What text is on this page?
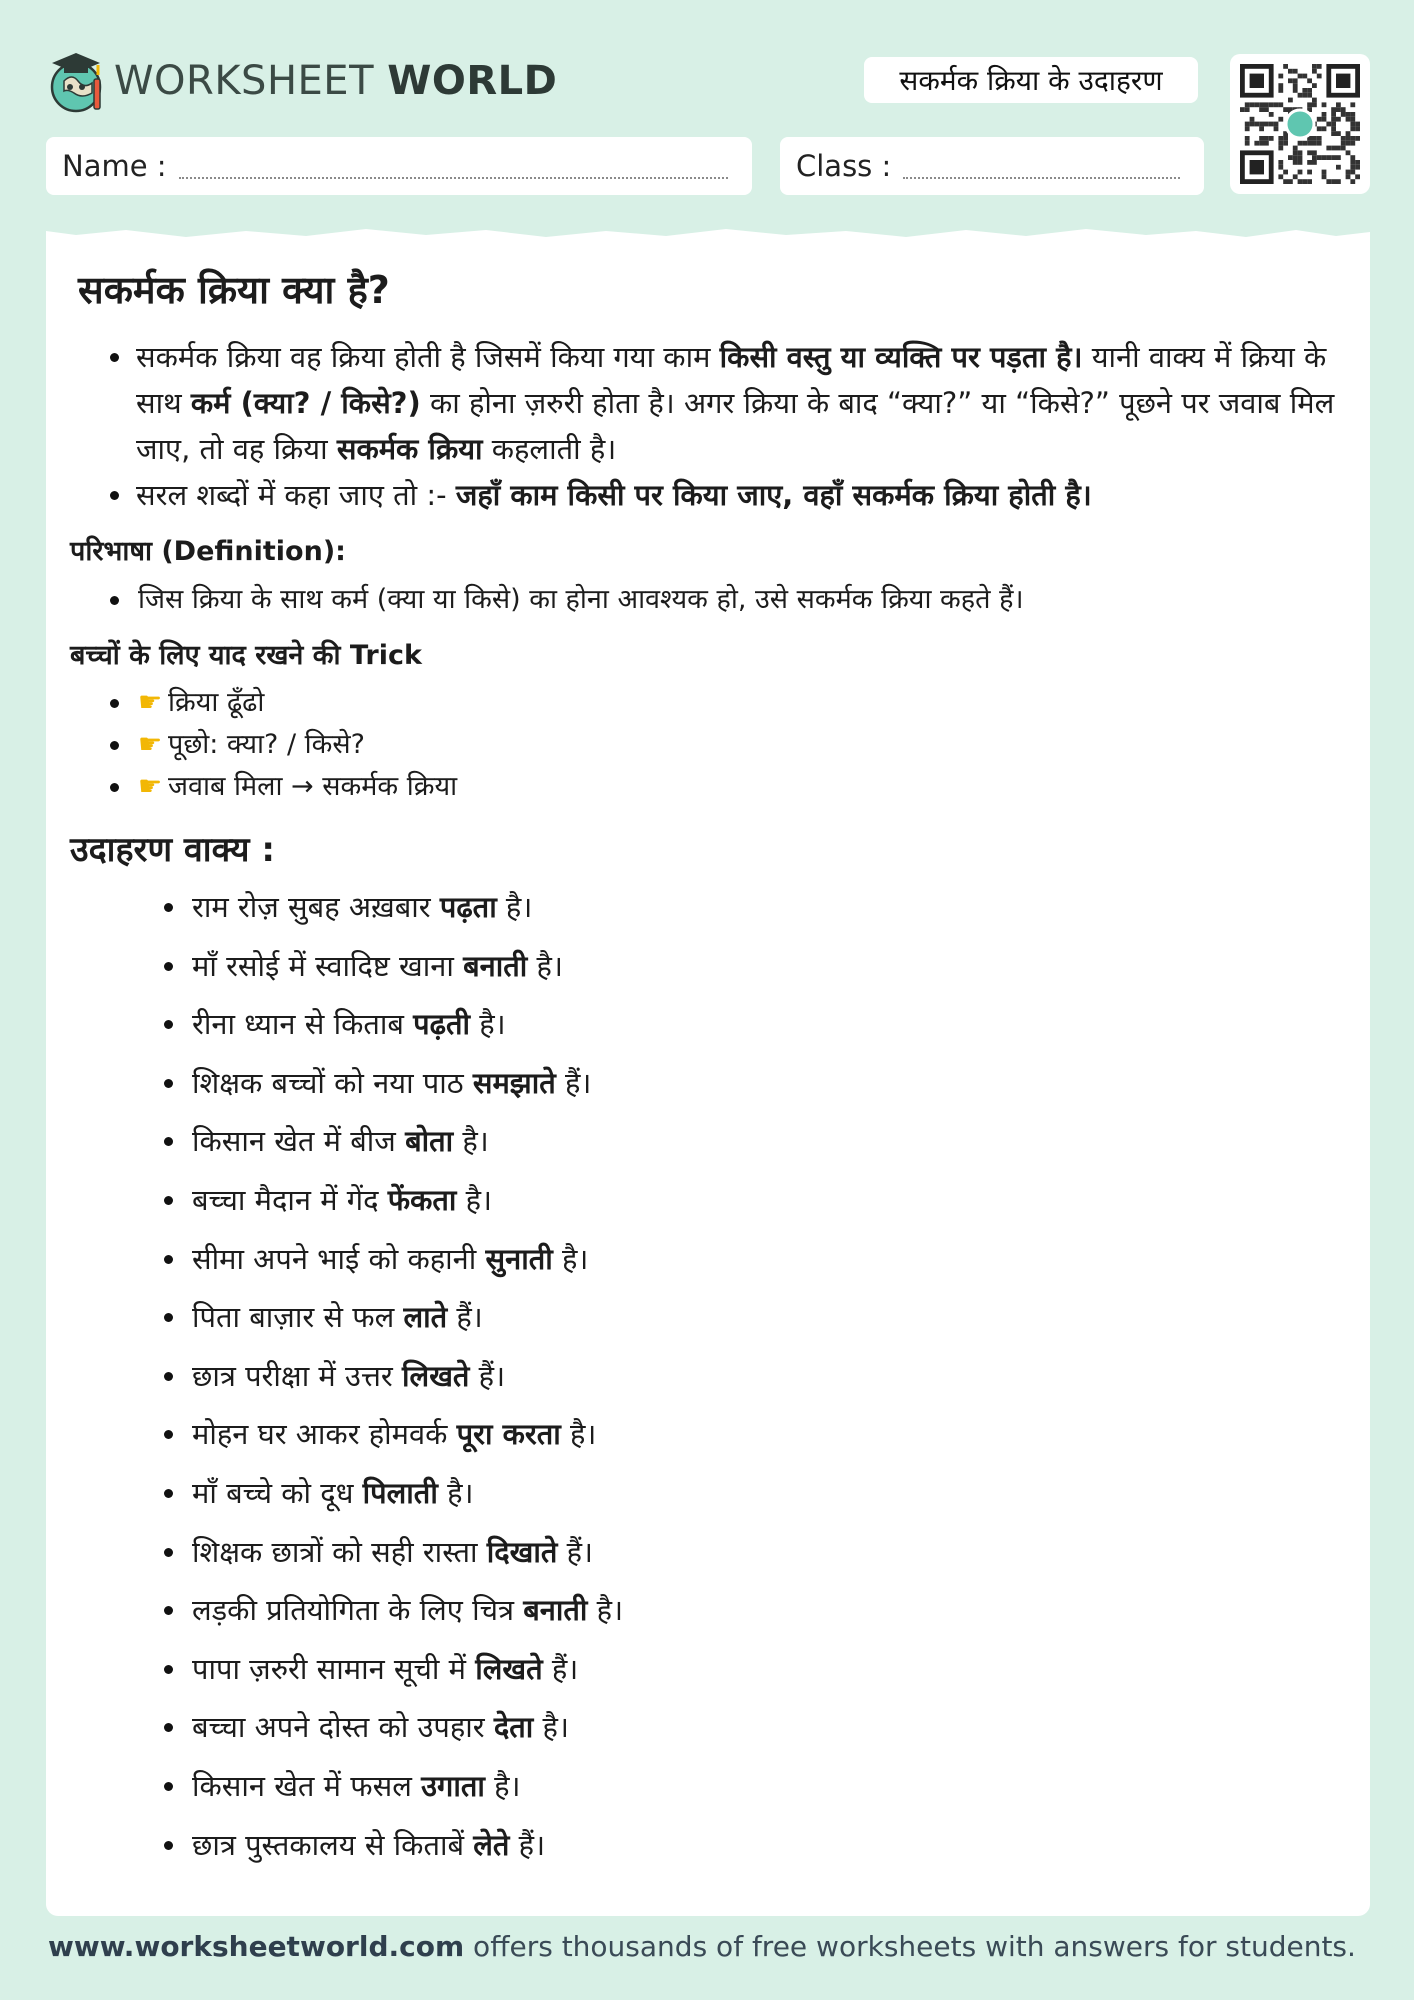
WORKSHEET WORLD	सकर्मक क्रिया के उदाहरण
Name :	Class :
सकर्मक क्रिया क्या है?
सकर्मक क्रिया वह क्रिया होती है जिसमें किया गया काम किसी वस्तु या व्यक्ति पर पड़ता है। यानी वाक्य में क्रिया के साथ कर्म (क्या? / किसे?) का होना ज़रुरी होता है। अगर क्रिया के बाद “क्या?” या “किसे?” पूछने पर जवाब मिल जाए, तो वह क्रिया सकर्मक क्रिया कहलाती है।
सरल शब्दों में कहा जाए तो :- जहाँ काम किसी पर किया जाए, वहाँ सकर्मक क्रिया होती है।
परिभाषा (Definition):
जिस क्रिया के साथ कर्म (क्या या किसे) का होना आवश्यक हो, उसे सकर्मक क्रिया कहते हैं।
बच्चों के लिए याद रखने की Trick
☛ क्रिया ढूँढो
☛ पूछो: क्या? / किसे?
☛ जवाब मिला → सकर्मक क्रिया
उदाहरण वाक्य :
राम रोज़ सुबह अख़बार पढ़ता है।
माँ रसोई में स्वादिष्ट खाना बनाती है।
रीना ध्यान से किताब पढ़ती है।
शिक्षक बच्चों को नया पाठ समझाते हैं।
किसान खेत में बीज बोता है।
बच्चा मैदान में गेंद फेंकता है।
सीमा अपने भाई को कहानी सुनाती है।
पिता बाज़ार से फल लाते हैं।
छात्र परीक्षा में उत्तर लिखते हैं।
मोहन घर आकर होमवर्क पूरा करता है।
माँ बच्चे को दूध पिलाती है।
शिक्षक छात्रों को सही रास्ता दिखाते हैं।
लड़की प्रतियोगिता के लिए चित्र बनाती है।
पापा ज़रुरी सामान सूची में लिखते हैं।
बच्चा अपने दोस्त को उपहार देता है।
किसान खेत में फसल उगाता है।
छात्र पुस्तकालय से किताबें लेते हैं।
www.worksheetworld.com offers thousands of free worksheets with answers for students.
